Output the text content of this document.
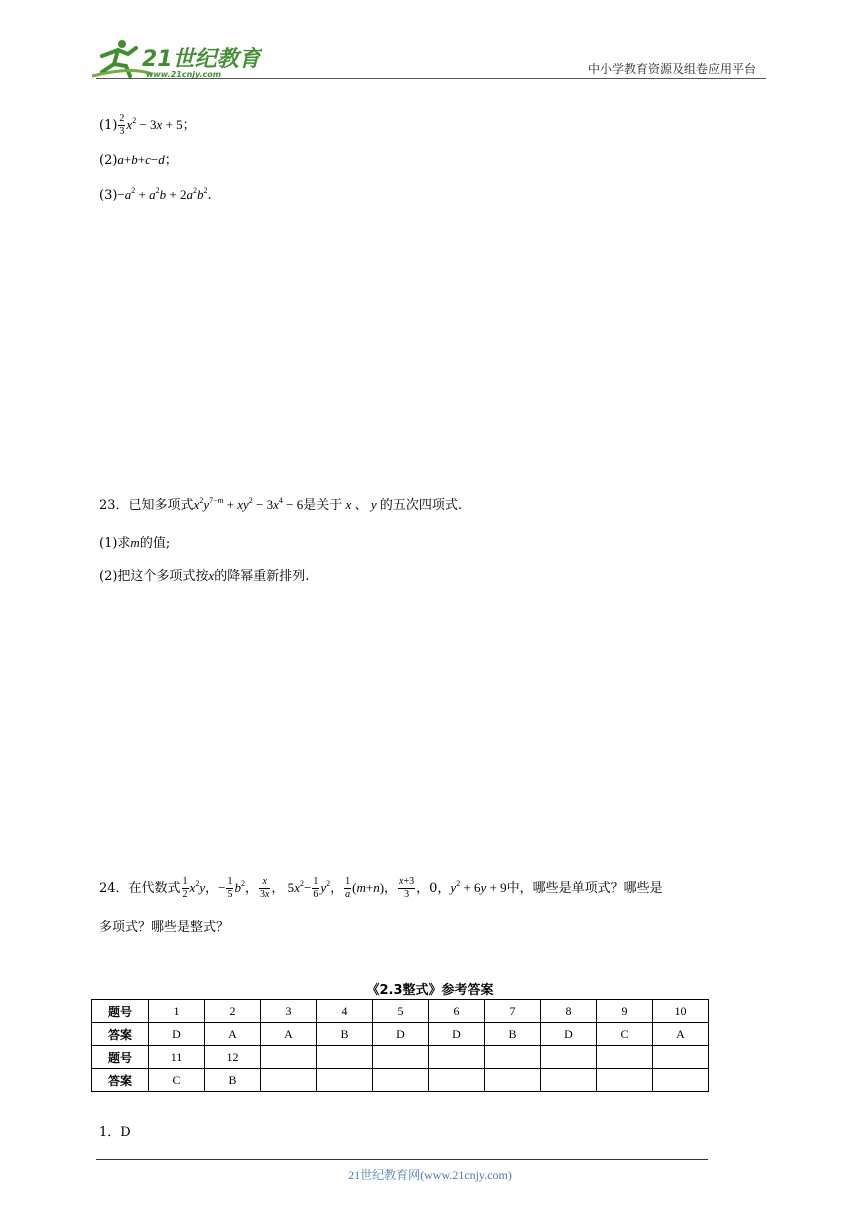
21世纪教育
www.21cnjy.com	中小学教育资源及组卷应用平台
$(1) \frac{2}{3} x^2 - 3x + 5$；
(2)a+b+c−d；
$(3)-a^2 + a^2b + 2a^2b^2$.
23．已知多项式$x^2y^{7-m} + xy^2 - 3x^4 - 6$是关于 x 、 y 的五次四项式.
(1)求m的值;
(2)把这个多项式按x的降幂重新排列.
24．在代数式 $\frac{1}{2} x^2y$，− $\frac{1}{5} b^2$， $\frac{x}{3x}$ ， $5x^2- \frac{1}{6} y^2$， $\frac{1}{a} (m+n)$， $\frac{x+3}{3}$ ，0，$y^2 + 6y + 9$中，哪些是单项式？哪些是
多项式？哪些是整式？
《2.3整式》参考答案
题号	1	2	3	4	5	6	7	8	9	10
答案	D	A	A	B	D	D	B	D	C	A
题号	11	12								
答案	C	B								
1．D
21世纪教育网(www.21cnjy.com)
